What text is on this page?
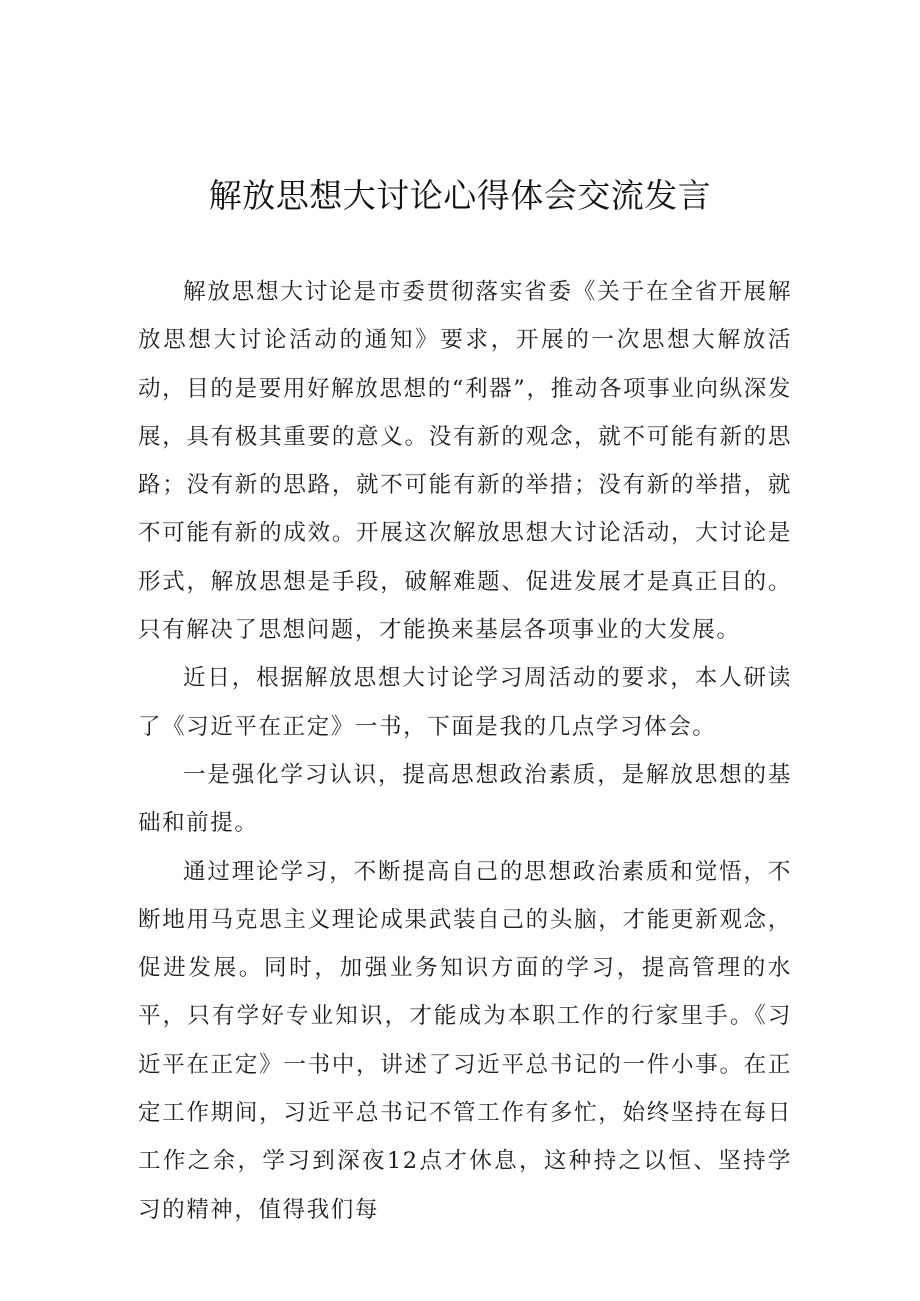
解放思想大讨论心得体会交流发言

解放思想大讨论是市委贯彻落实省委《关于在全省开展解放思想大讨论活动的通知》要求，开展的一次思想大解放活动，目的是要用好解放思想的“利器”，推动各项事业向纵深发展，具有极其重要的意义。没有新的观念，就不可能有新的思路；没有新的思路，就不可能有新的举措；没有新的举措，就不可能有新的成效。开展这次解放思想大讨论活动，大讨论是形式，解放思想是手段，破解难题、促进发展才是真正目的。只有解决了思想问题，才能换来基层各项事业的大发展。

近日，根据解放思想大讨论学习周活动的要求，本人研读了《习近平在正定》一书，下面是我的几点学习体会。

一是强化学习认识，提高思想政治素质，是解放思想的基础和前提。

通过理论学习，不断提高自己的思想政治素质和觉悟，不断地用马克思主义理论成果武装自己的头脑，才能更新观念，促进发展。同时，加强业务知识方面的学习，提高管理的水平，只有学好专业知识，才能成为本职工作的行家里手。《习近平在正定》一书中，讲述了习近平总书记的一件小事。在正定工作期间，习近平总书记不管工作有多忙，始终坚持在每日工作之余，学习到深夜12点才休息，这种持之以恒、坚持学习的精神，值得我们每
